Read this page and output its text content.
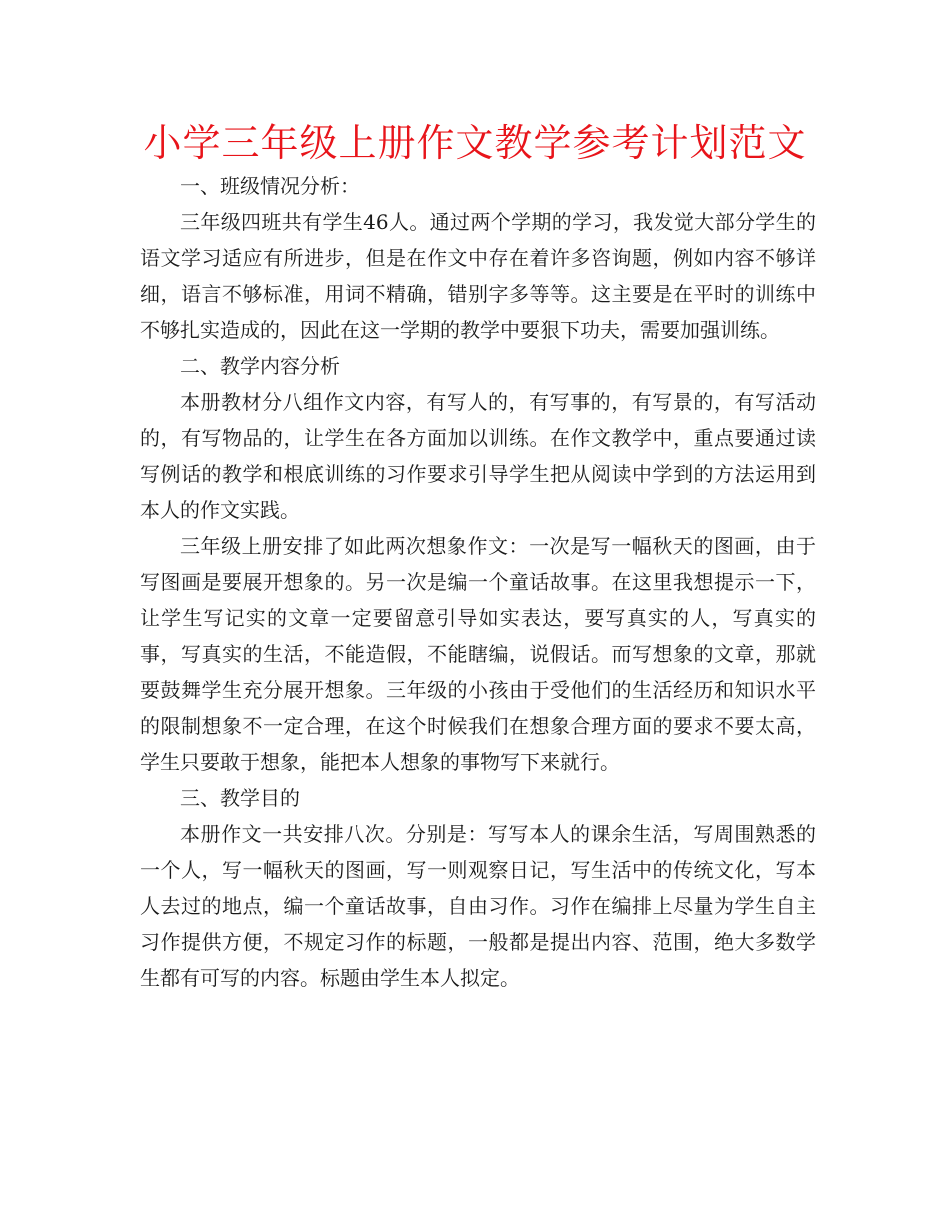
小学三年级上册作文教学参考计划范文
一、班级情况分析：

三年级四班共有学生46人。通过两个学期的学习，我发觉大部分学生的语文学习适应有所进步，但是在作文中存在着许多咨询题，例如内容不够详细，语言不够标准，用词不精确，错别字多等等。这主要是在平时的训练中不够扎实造成的，因此在这一学期的教学中要狠下功夫，需要加强训练。

二、教学内容分析

本册教材分八组作文内容，有写人的，有写事的，有写景的，有写活动的，有写物品的，让学生在各方面加以训练。在作文教学中，重点要通过读写例话的教学和根底训练的习作要求引导学生把从阅读中学到的方法运用到本人的作文实践。

三年级上册安排了如此两次想象作文：一次是写一幅秋天的图画，由于写图画是要展开想象的。另一次是编一个童话故事。在这里我想提示一下，让学生写记实的文章一定要留意引导如实表达，要写真实的人，写真实的事，写真实的生活，不能造假，不能瞎编，说假话。而写想象的文章，那就要鼓舞学生充分展开想象。三年级的小孩由于受他们的生活经历和知识水平的限制想象不一定合理，在这个时候我们在想象合理方面的要求不要太高，学生只要敢于想象，能把本人想象的事物写下来就行。

三、教学目的

本册作文一共安排八次。分别是：写写本人的课余生活，写周围熟悉的一个人，写一幅秋天的图画，写一则观察日记，写生活中的传统文化，写本人去过的地点，编一个童话故事，自由习作。习作在编排上尽量为学生自主习作提供方便，不规定习作的标题，一般都是提出内容、范围，绝大多数学生都有可写的内容。标题由学生本人拟定。
